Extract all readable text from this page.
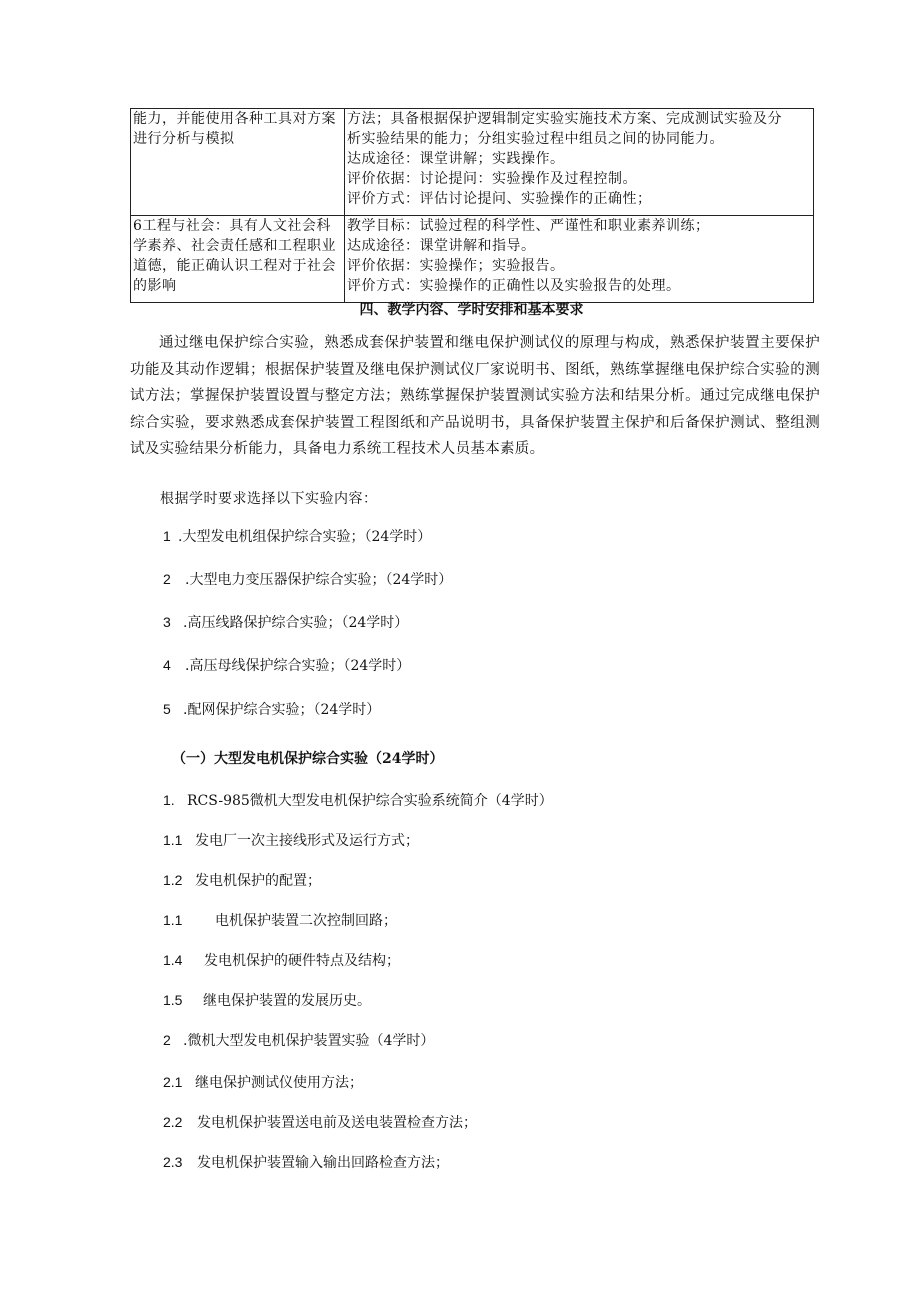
能力，并能使用各种工具对方案进行分析与模拟	方法；具备根据保护逻辑制定实验实施技术方案、完成测试实验及分
析实验结果的能力；分组实验过程中组员之间的协同能力。
达成途径：课堂讲解；实践操作。
评价依据：讨论提问：实验操作及过程控制。
评价方式：评估讨论提问、实验操作的正确性；

6工程与社会：具有人文社会科学素养、社会责任感和工程职业道德，能正确认识工程对于社会的影响	教学目标：试验过程的科学性、严谨性和职业素养训练；
达成途径：课堂讲解和指导。
评价依据：实验操作；实验报告。
评价方式：实验操作的正确性以及实验报告的处理。
四、教学内容、学时安排和基本要求
通过继电保护综合实验，熟悉成套保护装置和继电保护测试仪的原理与构成，熟悉保护装置主要保护功能及其动作逻辑；根据保护装置及继电保护测试仪厂家说明书、图纸，熟练掌握继电保护综合实验的测试方法；掌握保护装置设置与整定方法；熟练掌握保护装置测试实验方法和结果分析。通过完成继电保护综合实验，要求熟悉成套保护装置工程图纸和产品说明书，具备保护装置主保护和后备保护测试、整组测试及实验结果分析能力，具备电力系统工程技术人员基本素质。
根据学时要求选择以下实验内容：
1 .大型发电机组保护综合实验；（24学时）
2 .大型电力变压器保护综合实验；（24学时）
3 .高压线路保护综合实验；（24学时）
4 .高压母线保护综合实验；（24学时）
5 .配网保护综合实验；（24学时）
（一）大型发电机保护综合实验（24学时）
1. RCS-985微机大型发电机保护综合实验系统简介（4学时）
1.1 发电厂一次主接线形式及运行方式；
1.2 发电机保护的配置；
1.1 电机保护装置二次控制回路；
1.4 发电机保护的硬件特点及结构；
1.5 继电保护装置的发展历史。
2 .微机大型发电机保护装置实验（4学时）
2.1 继电保护测试仪使用方法；
2.2 发电机保护装置送电前及送电装置检查方法；
2.3 发电机保护装置输入输出回路检查方法；
